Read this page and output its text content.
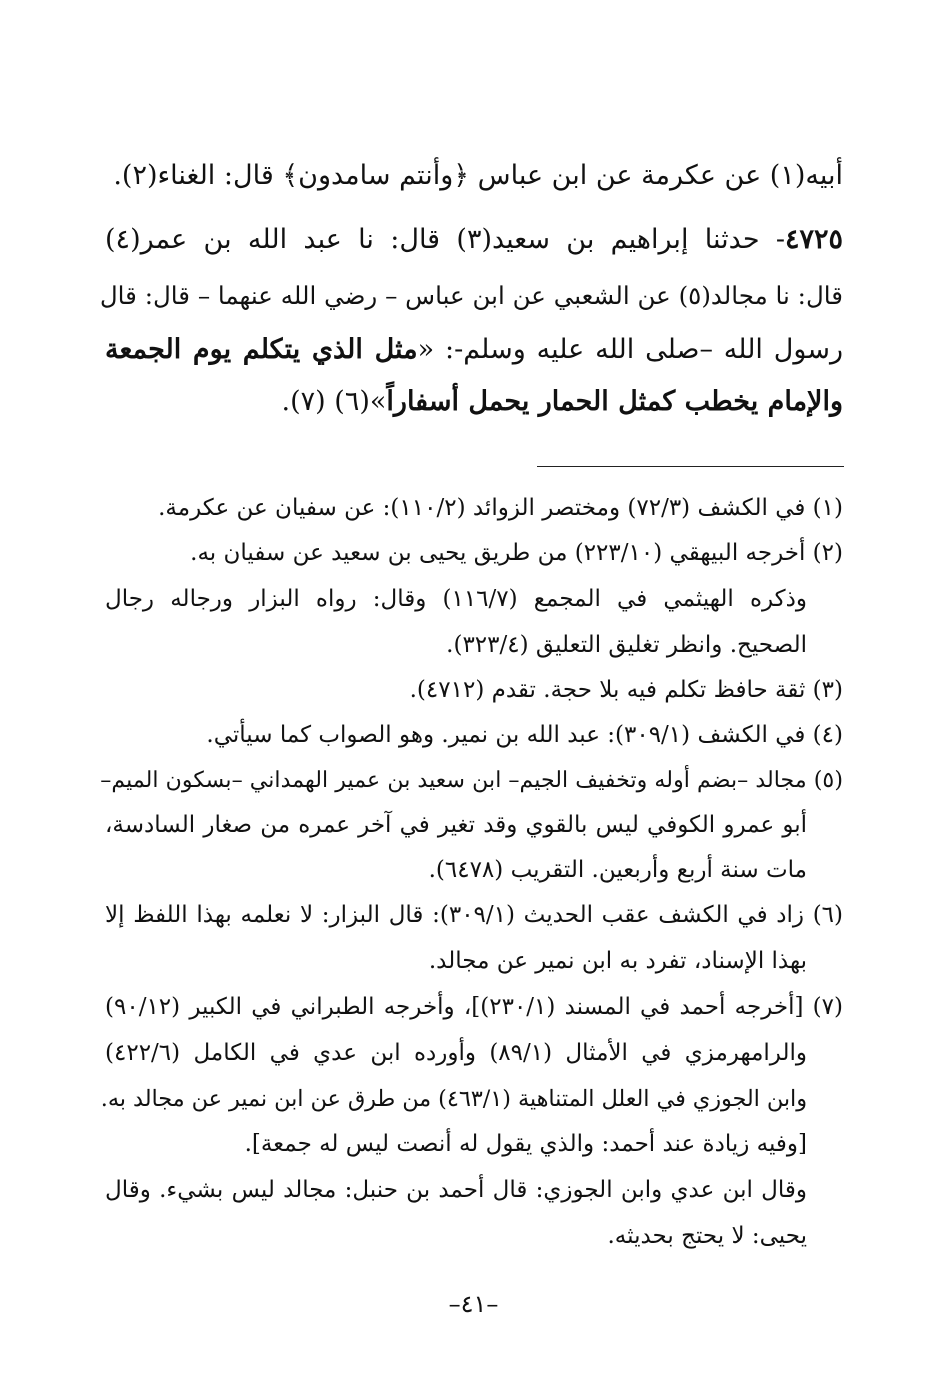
أبيه(١) عن عكرمة عن ابن عباس ﴿وأنتم سامدون﴾ قال: الغناء(٢).
٤٧٢٥- حدثنا إبراهيم بن سعيد(٣) قال: نا عبد الله بن عمر(٤)
قال: نا مجالد(٥) عن الشعبي عن ابن عباس – رضي الله عنهما – قال: قال
رسول الله –صلى الله عليه وسلم-: «مثل الذي يتكلم يوم الجمعة
والإمام يخطب كمثل الحمار يحمل أسفاراً»(٦) (٧).
(١) في الكشف (٧٢/٣) ومختصر الزوائد (١١٠/٢): عن سفيان عن عكرمة.
(٢) أخرجه البيهقي (٢٢٣/١٠) من طريق يحيى بن سعيد عن سفيان به.
وذكره الهيثمي في المجمع (١١٦/٧) وقال: رواه البزار ورجاله رجال
الصحيح. وانظر تغليق التعليق (٣٢٣/٤).
(٣) ثقة حافظ تكلم فيه بلا حجة. تقدم (٤٧١٢).
(٤) في الكشف (٣٠٩/١): عبد الله بن نمير. وهو الصواب كما سيأتي.
(٥) مجالد –بضم أوله وتخفيف الجيم– ابن سعيد بن عمير الهمداني –بسكون الميم–
أبو عمرو الكوفي ليس بالقوي وقد تغير في آخر عمره من صغار السادسة،
مات سنة أربع وأربعين. التقريب (٦٤٧٨).
(٦) زاد في الكشف عقب الحديث (٣٠٩/١): قال البزار: لا نعلمه بهذا اللفظ إلا
بهذا الإسناد، تفرد به ابن نمير عن مجالد.
(٧) [أخرجه أحمد في المسند (٢٣٠/١)]، وأخرجه الطبراني في الكبير (٩٠/١٢)
والرامهرمزي في الأمثال (٨٩/١) وأورده ابن عدي في الكامل (٤٢٢/٦)
وابن الجوزي في العلل المتناهية (٤٦٣/١) من طرق عن ابن نمير عن مجالد به.
[وفيه زيادة عند أحمد: والذي يقول له أنصت ليس له جمعة].
وقال ابن عدي وابن الجوزي: قال أحمد بن حنبل: مجالد ليس بشيء. وقال
يحيى: لا يحتج بحديثه.
–٤١–
